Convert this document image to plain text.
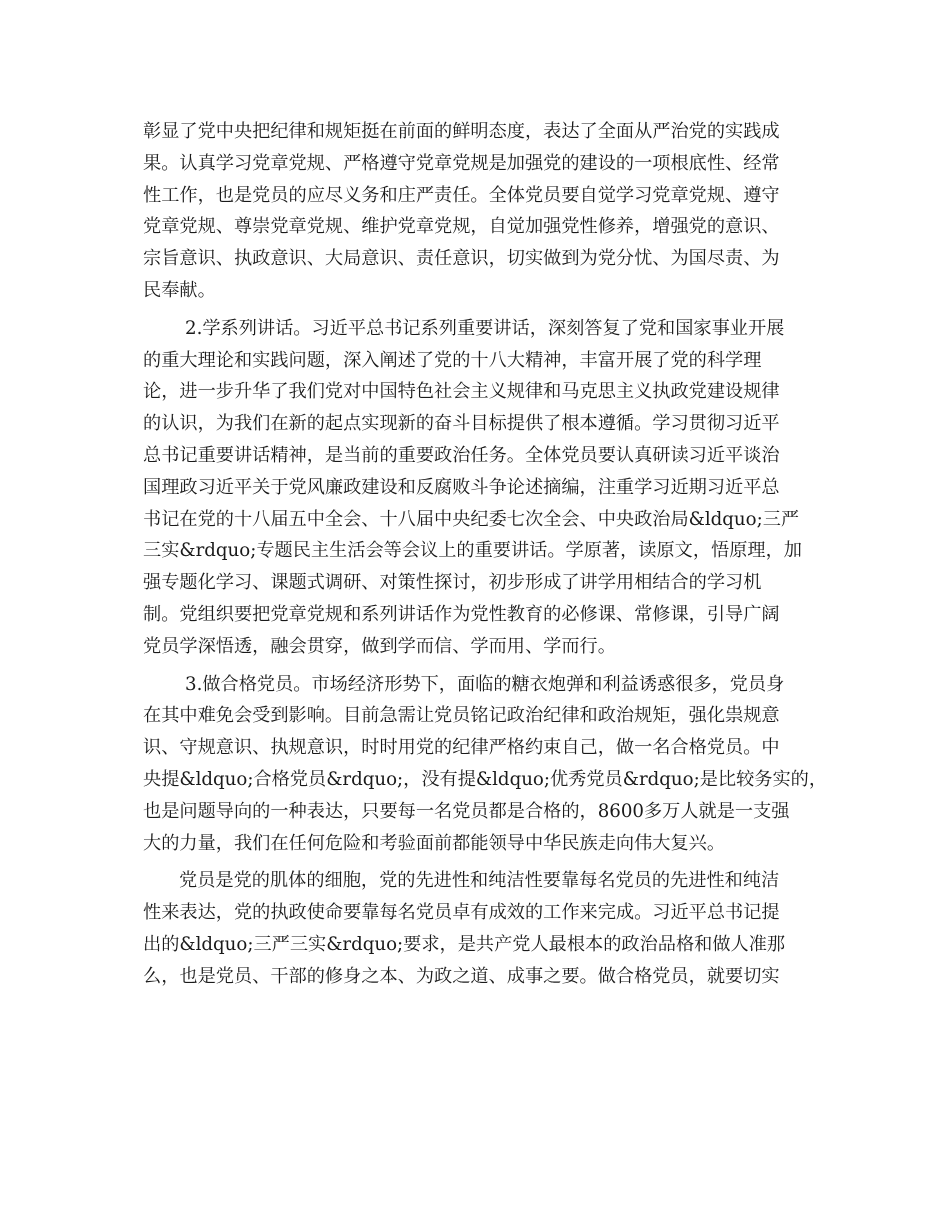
彰显了党中央把纪律和规矩挺在前面的鲜明态度，表达了全面从严治党的实践成
果。认真学习党章党规、严格遵守党章党规是加强党的建设的一项根底性、经常
性工作，也是党员的应尽义务和庄严责任。全体党员要自觉学习党章党规、遵守
党章党规、尊崇党章党规、维护党章党规，自觉加强党性修养，增强党的意识、
宗旨意识、执政意识、大局意识、责任意识，切实做到为党分忧、为国尽责、为
民奉献。
2.学系列讲话。习近平总书记系列重要讲话，深刻答复了党和国家事业开展
的重大理论和实践问题，深入阐述了党的十八大精神，丰富开展了党的科学理
论，进一步升华了我们党对中国特色社会主义规律和马克思主义执政党建设规律
的认识，为我们在新的起点实现新的奋斗目标提供了根本遵循。学习贯彻习近平
总书记重要讲话精神，是当前的重要政治任务。全体党员要认真研读习近平谈治
国理政习近平关于党风廉政建设和反腐败斗争论述摘编，注重学习近期习近平总
书记在党的十八届五中全会、十八届中央纪委七次全会、中央政治局&ldquo;三严
三实&rdquo;专题民主生活会等会议上的重要讲话。学原著，读原文，悟原理，加
强专题化学习、课题式调研、对策性探讨，初步形成了讲学用相结合的学习机
制。党组织要把党章党规和系列讲话作为党性教育的必修课、常修课，引导广阔
党员学深悟透，融会贯穿，做到学而信、学而用、学而行。
3.做合格党员。市场经济形势下，面临的糖衣炮弹和利益诱惑很多，党员身
在其中难免会受到影响。目前急需让党员铭记政治纪律和政治规矩，强化祟规意
识、守规意识、执规意识，时时用党的纪律严格约束自己，做一名合格党员。中
央提&ldquo;合格党员&rdquo;，没有提&ldquo;优秀党员&rdquo;是比较务实的，
也是问题导向的一种表达，只要每一名党员都是合格的，8600多万人就是一支强
大的力量，我们在任何危险和考验面前都能领导中华民族走向伟大复兴。
党员是党的肌体的细胞，党的先进性和纯洁性要靠每名党员的先进性和纯洁
性来表达，党的执政使命要靠每名党员卓有成效的工作来完成。习近平总书记提
出的&ldquo;三严三实&rdquo;要求，是共产党人最根本的政治品格和做人准那
么，也是党员、干部的修身之本、为政之道、成事之要。做合格党员，就要切实
